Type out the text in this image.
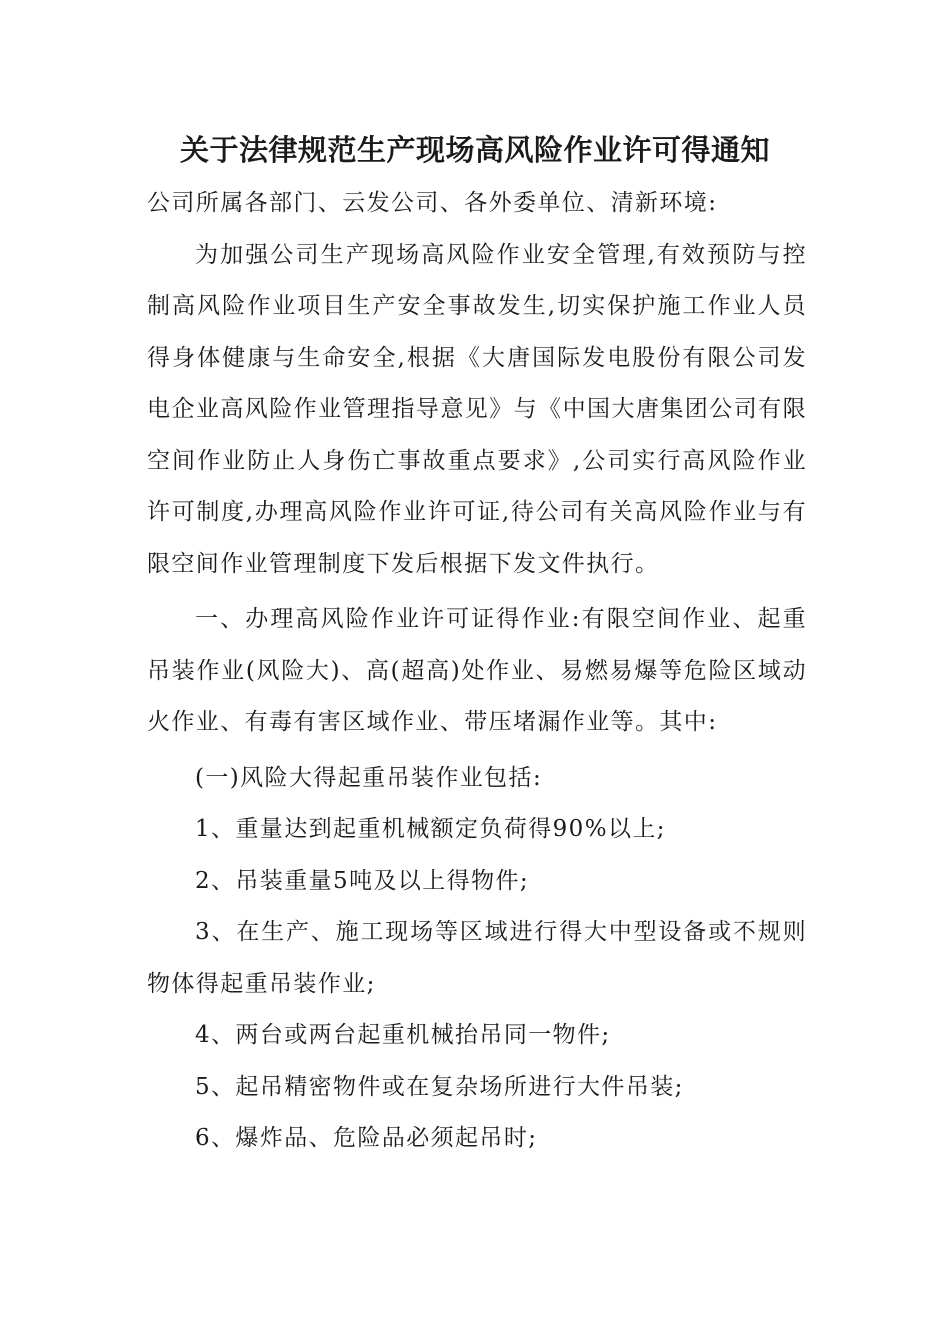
关于法律规范生产现场高风险作业许可得通知

公司所属各部门、云发公司、各外委单位、清新环境:

为加强公司生产现场高风险作业安全管理,有效预防与控制高风险作业项目生产安全事故发生,切实保护施工作业人员得身体健康与生命安全,根据《大唐国际发电股份有限公司发电企业高风险作业管理指导意见》与《中国大唐集团公司有限空间作业防止人身伤亡事故重点要求》,公司实行高风险作业许可制度,办理高风险作业许可证,待公司有关高风险作业与有限空间作业管理制度下发后根据下发文件执行。

一、办理高风险作业许可证得作业:有限空间作业、起重吊装作业(风险大)、高(超高)处作业、易燃易爆等危险区域动火作业、有毒有害区域作业、带压堵漏作业等。其中:

(一)风险大得起重吊装作业包括:

1、重量达到起重机械额定负荷得90%以上;

2、吊装重量5吨及以上得物件;

3、在生产、施工现场等区域进行得大中型设备或不规则物体得起重吊装作业;

4、两台或两台起重机械抬吊同一物件;

5、起吊精密物件或在复杂场所进行大件吊装;

6、爆炸品、危险品必须起吊时;
